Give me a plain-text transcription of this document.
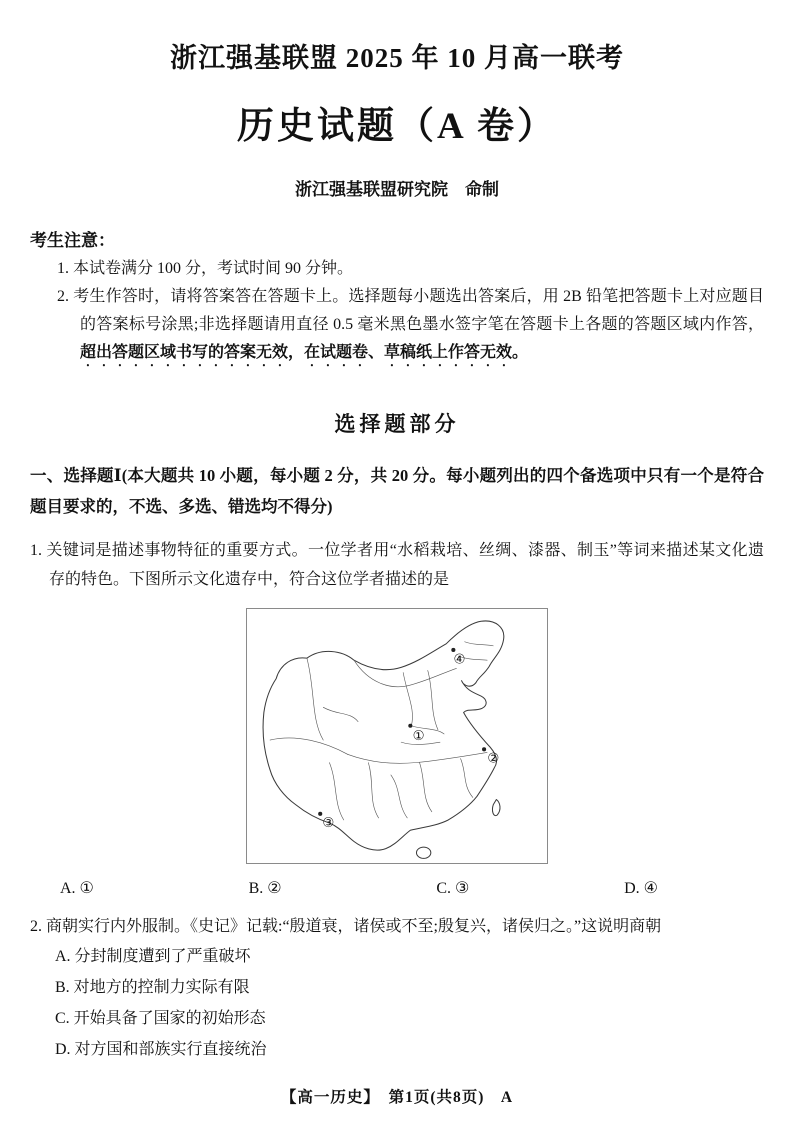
浙江强基联盟 2025 年 10 月高一联考
历史试题（A 卷）
浙江强基联盟研究院　命制
考生注意：
1. 本试卷满分 100 分，考试时间 90 分钟。
2. 考生作答时，请将答案答在答题卡上。选择题每小题选出答案后，用 2B 铅笔把答题卡上对应题目的答案标号涂黑;非选择题请用直径 0.5 毫米黑色墨水签字笔在答题卡上各题的答题区域内作答，超出答题区域书写的答案无效，在试题卷、草稿纸上作答无效。
选择题部分
一、选择题Ⅰ(本大题共 10 小题，每小题 2 分，共 20 分。每小题列出的四个备选项中只有一个是符合题目要求的，不选、多选、错选均不得分)
1. 关键词是描述事物特征的重要方式。一位学者用“水稻栽培、丝绸、漆器、制玉”等词来描述某文化遗存的特色。下图所示文化遗存中，符合这位学者描述的是
④
①
②
③
A. ①	B. ②	C. ③	D. ④
2. 商朝实行内外服制。《史记》记载:“殷道衰，诸侯或不至;殷复兴，诸侯归之。”这说明商朝
A. 分封制度遭到了严重破坏
B. 对地方的控制力实际有限
C. 开始具备了国家的初始形态
D. 对方国和部族实行直接统治
【高一历史】　第1页(共8页)　A
